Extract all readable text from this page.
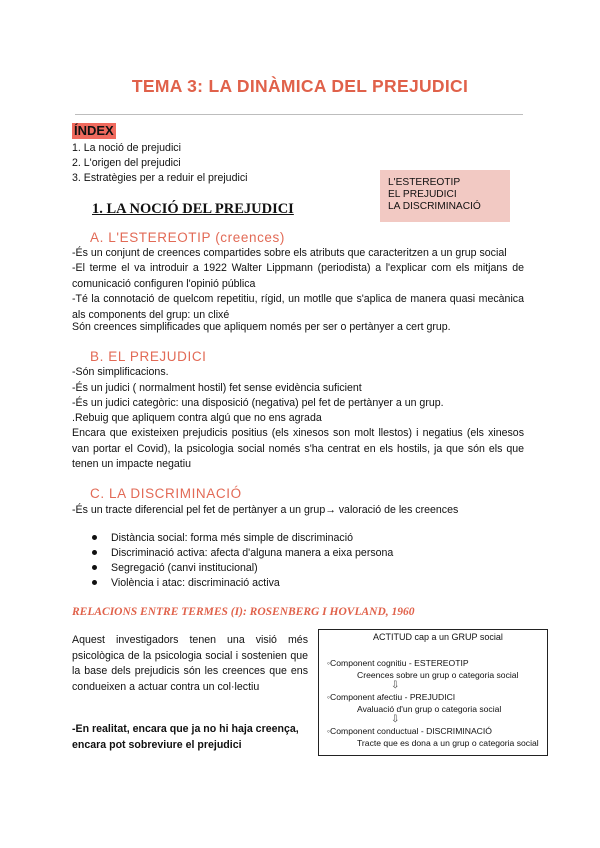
TEMA 3: LA DINÀMICA DEL PREJUDICI
ÍNDEX
1. La noció de prejudici
2. L'origen del prejudici
3. Estratègies per a reduir el prejudici	L'ESTEREOTIP
EL PREJUDICI
LA DISCRIMINACIÓ
1. LA NOCIÓ DEL PREJUDICI
A. L'ESTEREOTIP (creences)
-És un conjunt de creences compartides sobre els atributs que caracteritzen a un grup social
-El terme el va introduir a 1922 Walter Lippmann (periodista) a l'explicar com els mitjans de comunicació configuren l'opinió pública
-Té la connotació de quelcom repetitiu, rígid, un motlle que s'aplica de manera quasi mecànica als components del grup: un clixé
Són creences simplificades que apliquem només per ser o pertànyer a cert grup.
B. EL PREJUDICI
-Són simplificacions.
-És un judici ( normalment hostil) fet sense evidència suficient
-És un judici categòric: una disposició (negativa) pel fet de pertànyer a un grup.
.Rebuig que apliquem contra algú que no ens agrada
Encara que existeixen prejudicis positius (els xinesos son molt llestos) i negatius (els xinesos van portar el Covid), la psicologia social només s'ha centrat en els hostils, ja que són els que tenen un impacte negatiu
C. LA DISCRIMINACIÓ
-És un tracte diferencial pel fet de pertànyer a un grup→ valoració de les creences
Distància social: forma més simple de discriminació
Discriminació activa: afecta d'alguna manera a eixa persona
Segregació (canvi institucional)
Violència i atac: discriminació activa
RELACIONS ENTRE TERMES (I): ROSENBERG I HOVLAND, 1960
Aquest investigadors tenen una visió més psicològica de la psicologia social i sostenien que la base dels prejudicis són les creences que ens condueixen a actuar contra un col·lectiu
-En realitat, encara que ja no hi haja creença, encara pot sobreviure el prejudici
ACTITUD cap a un GRUP social
◦Component cognitiu - ESTEREOTIP
Creences sobre un grup o categoria social
⇩
◦Component afectiu - PREJUDICI
Avaluació d'un grup o categoria social
⇩
◦Component conductual - DISCRIMINACIÓ
Tracte que es dona a un grup o categoria social
